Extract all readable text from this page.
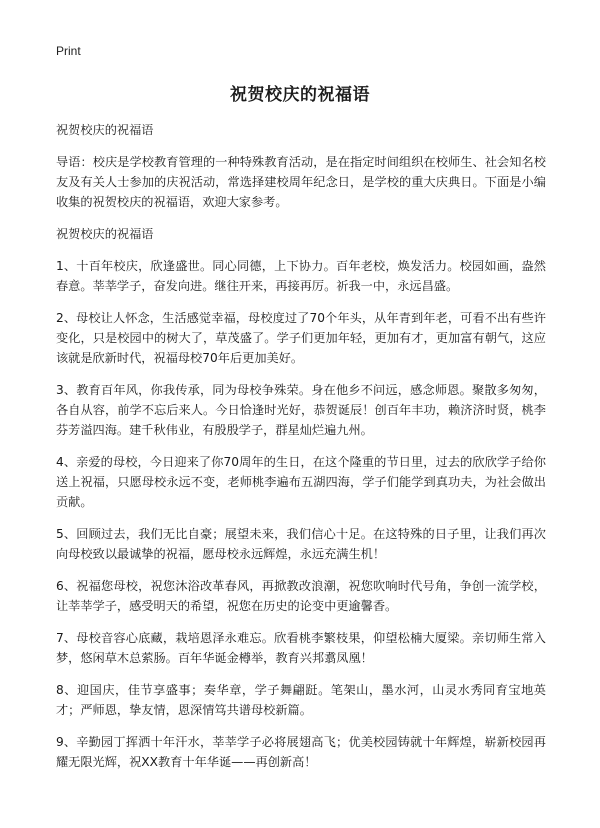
Print
祝贺校庆的祝福语

祝贺校庆的祝福语

导语：校庆是学校教育管理的一种特殊教育活动，是在指定时间组织在校师生、社会知名校友及有关人士参加的庆祝活动，常选择建校周年纪念日，是学校的重大庆典日。下面是小编收集的祝贺校庆的祝福语，欢迎大家参考。

祝贺校庆的祝福语

1、十百年校庆，欣逢盛世。同心同德，上下协力。百年老校，焕发活力。校园如画，盎然春意。莘莘学子，奋发向进。继往开来，再接再厉。祈我一中，永远昌盛。

2、母校让人怀念，生活感觉幸福，母校度过了70个年头，从年青到年老，可看不出有些许变化，只是校园中的树大了，草茂盛了。学子们更加年轻，更加有才，更加富有朝气，这应该就是欣新时代，祝福母校70年后更加美好。

3、教育百年风，你我传承，同为母校争殊荣。身在他乡不问远，感念师恩。聚散多匆匆，各自从容，前学不忘后来人。今日恰逢时光好，恭贺诞辰！创百年丰功，赖济济时贤，桃李芬芳溢四海。建千秋伟业，有殷殷学子，群星灿烂遍九州。

4、亲爱的母校，今日迎来了你70周年的生日，在这个隆重的节日里，过去的欣欣学子给你送上祝福，只愿母校永远不变，老师桃李遍布五湖四海，学子们能学到真功夫，为社会做出贡献。

5、回顾过去，我们无比自豪；展望未来，我们信心十足。在这特殊的日子里，让我们再次向母校致以最诚挚的祝福，愿母校永远辉煌，永远充满生机！

6、祝福您母校，祝您沐浴改革春风，再掀教改浪潮，祝您吹响时代号角，争创一流学校，让莘莘学子，感受明天的希望，祝您在历史的论变中更逾馨香。

7、母校音容心底藏，栽培恩泽永难忘。欣看桃李繁枝果，仰望松楠大厦梁。亲切师生常入梦，悠闲草木总萦肠。百年华诞金樽举，教育兴邦翥凤凰！

8、迎国庆，佳节享盛事；奏华章，学子舞翩跹。笔架山，墨水河，山灵水秀同育宝地英才；严师恩，挚友情，恩深情笃共谱母校新篇。

9、辛勤园丁挥洒十年汗水，莘莘学子必将展翅高飞；优美校园铸就十年辉煌，崭新校园再耀无限光辉，祝XX教育十年华诞——再创新高！
